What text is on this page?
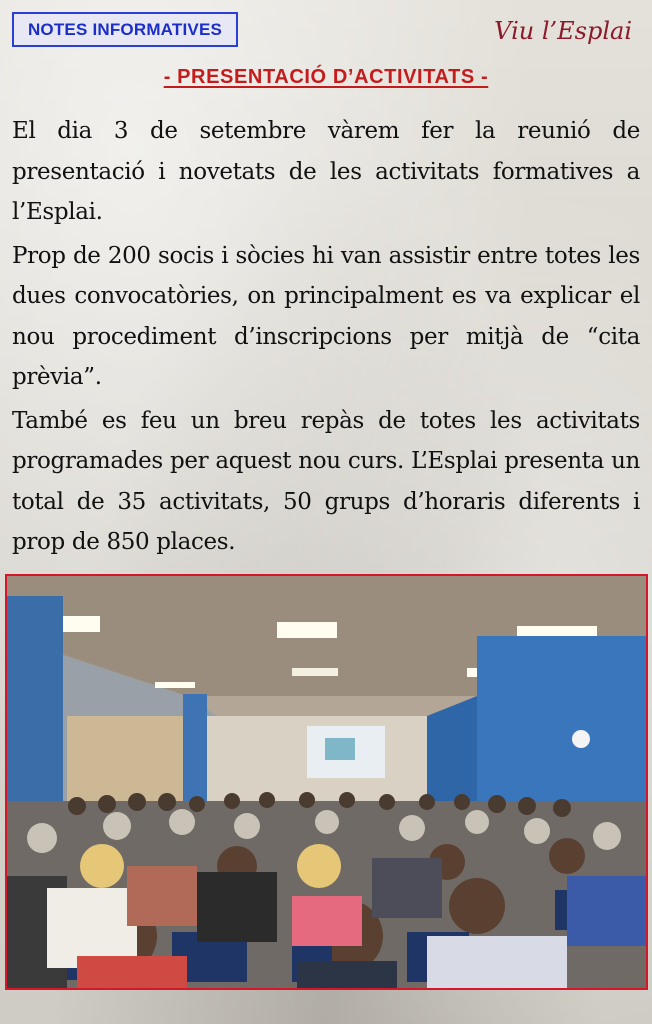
NOTES INFORMATIVES	Viu l’Esplai
- PRESENTACIÓ D’ACTIVITATS -

El dia 3 de setembre vàrem fer la reunió de presentació i novetats de les activitats formatives a l’Esplai.

Prop de 200 socis i sòcies hi van assistir entre totes les dues convocatòries, on principalment es va explicar el nou procediment d’inscripcions per mitjà de “cita prèvia”.

També es feu un breu repàs de totes les activitats programades per aquest nou curs. L’Esplai presenta un total de 35 activitats, 50 grups d’horaris diferents i prop de 850 places.
